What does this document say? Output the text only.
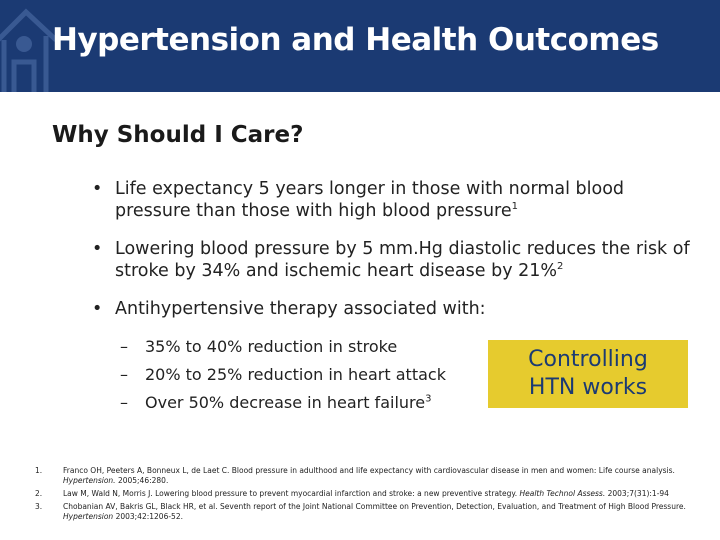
Hypertension and Health Outcomes
Why Should I Care?
• Life expectancy 5 years longer in those with normal blood pressure than those with high blood pressure$^1$
• Lowering blood pressure by 5 mm.Hg diastolic reduces the risk of stroke by 34% and ischemic heart disease by 21%$^2$
• Antihypertensive therapy associated with:
– 35% to 40% reduction in stroke
– 20% to 25% reduction in heart attack
– Over 50% decrease in heart failure$^3$
Controlling
HTN works
1.	Franco OH, Peeters A, Bonneux L, de Laet C. Blood pressure in adulthood and life expectancy with cardiovascular disease in men and women: Life course analysis. Hypertension. 2005;46:280.
2.	Law M, Wald N, Morris J. Lowering blood pressure to prevent myocardial infarction and stroke: a new preventive strategy. Health Technol Assess. 2003;7(31):1-94
3.	Chobanian AV, Bakris GL, Black HR, et al. Seventh report of the Joint National Committee on Prevention, Detection, Evaluation, and Treatment of High Blood Pressure. Hypertension 2003;42:1206-52.
